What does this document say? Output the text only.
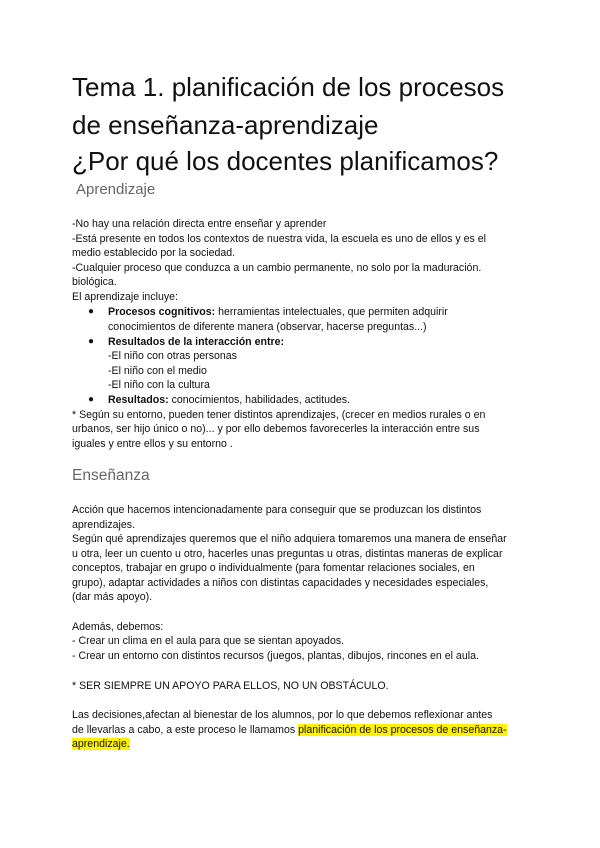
Tema 1. planificación de los procesos
de enseñanza-aprendizaje
¿Por qué los docentes planificamos?
Aprendizaje
-No hay una relación directa entre enseñar y aprender
-Está presente en todos los contextos de nuestra vida, la escuela es uno de ellos y es el
medio establecido por la sociedad.
-Cualquier proceso que conduzca a un cambio permanente, no solo por la maduración.
biológica.
El aprendizaje incluye:
● Procesos cognitivos: herramientas intelectuales, que permiten adquirir
conocimientos de diferente manera (observar, hacerse preguntas...)
● Resultados de la interacción entre:
-El niño con otras personas
-El niño con el medio
-El niño con la cultura
● Resultados: conocimientos, habilidades, actitudes.
* Según su entorno, pueden tener distintos aprendizajes, (crecer en medios rurales o en
urbanos, ser hijo único o no)... y por ello debemos favorecerles la interacción entre sus
iguales y entre ellos y su entorno .
Enseñanza
Acción que hacemos intencionadamente para conseguir que se produzcan los distintos
aprendizajes.
Según qué aprendizajes queremos que el niño adquiera tomaremos una manera de enseñar
u otra, leer un cuento u otro, hacerles unas preguntas u otras, distintas maneras de explicar
conceptos, trabajar en grupo o individualmente (para fomentar relaciones sociales, en
grupo), adaptar actividades a niños con distintas capacidades y necesidades especiales,
(dar más apoyo).
Además, debemos:
- Crear un clima en el aula para que se sientan apoyados.
- Crear un entorno con distintos recursos (juegos, plantas, dibujos, rincones en el aula.
* SER SIEMPRE UN APOYO PARA ELLOS, NO UN OBSTÁCULO.
Las decisiones,afectan al bienestar de los alumnos, por lo que debemos reflexionar antes
de llevarlas a cabo, a este proceso le llamamos planificación de los procesos de enseñanza-
aprendizaje.
